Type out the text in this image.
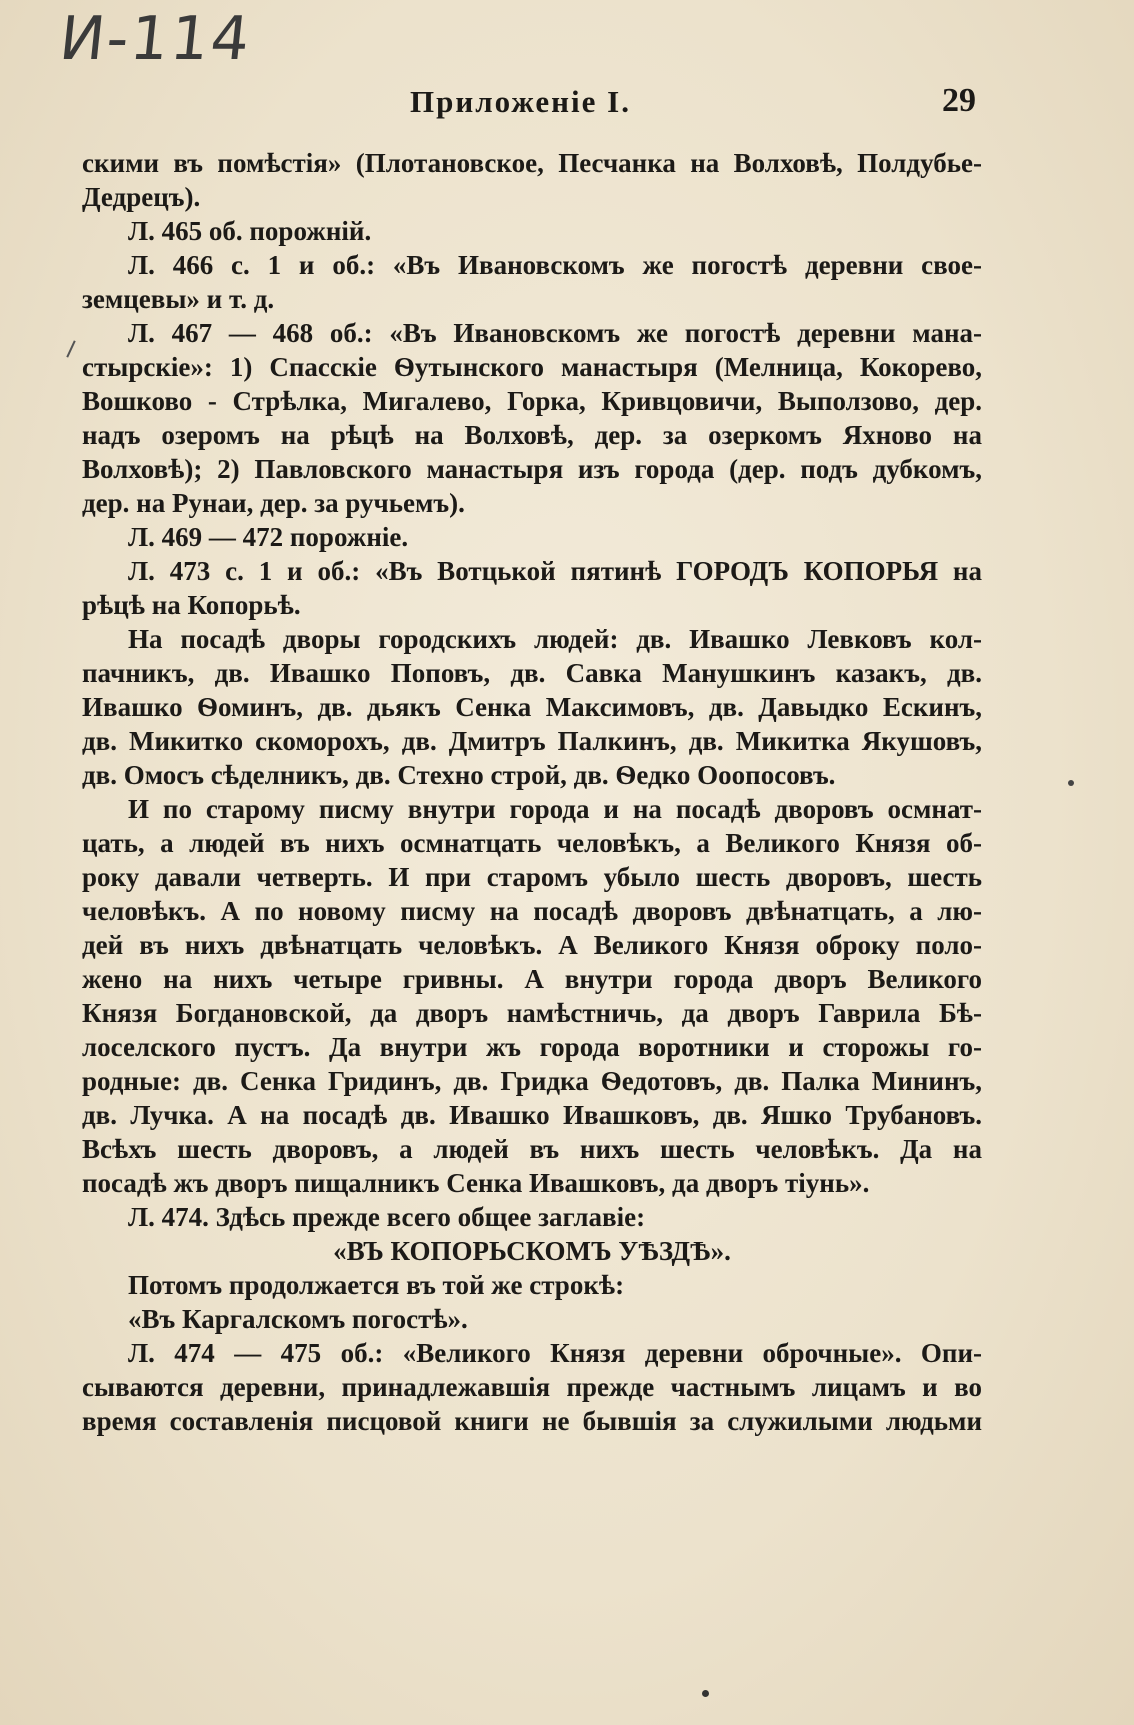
И-114
Приложеніе I.	29
скими въ помѣстія» (Плотановское, Песчанка на Волховѣ, Полдубье-
Дедрецъ).
Л. 465 об. порожній.
Л. 466 с. 1 и об.: «Въ Ивановскомъ же погостѣ деревни свое-
земцевы» и т. д.
Л. 467 — 468 об.: «Въ Ивановскомъ же погостѣ деревни мана-
стырскіе»: 1) Спасскіе Ѳутынского манастыря (Мелница, Кокорево,
Вошково - Стрѣлка, Мигалево, Горка, Кривцовичи, Выползово, дер.
надъ озеромъ на рѣцѣ на Волховѣ, дер. за озеркомъ Яхново на
Волховѣ); 2) Павловского манастыря изъ города (дер. подъ дубкомъ,
дер. на Рунаи, дер. за ручьемъ).
Л. 469 — 472 порожніе.
Л. 473 с. 1 и об.: «Въ Вотцькой пятинѣ ГОРОДЪ КОПОРЬЯ на
рѣцѣ на Копорьѣ.
На посадѣ дворы городскихъ людей: дв. Ивашко Левковъ кол-
пачникъ, дв. Ивашко Поповъ, дв. Савка Манушкинъ казакъ, дв.
Ивашко Ѳоминъ, дв. дьякъ Сенка Максимовъ, дв. Давыдко Ескинъ,
дв. Микитко скоморохъ, дв. Дмитръ Палкинъ, дв. Микитка Якушовъ,
дв. Омосъ сѣделникъ, дв. Стехно строй, дв. Ѳедко Ооопосовъ.
И по старому писму внутри города и на посадѣ дворовъ осмнат-
цать, а людей въ нихъ осмнатцать человѣкъ, а Великого Князя об-
року давали четверть. И при старомъ убыло шесть дворовъ, шесть
человѣкъ. А по новому писму на посадѣ дворовъ двѣнатцать, а лю-
дей въ нихъ двѣнатцать человѣкъ. А Великого Князя оброку поло-
жено на нихъ четыре гривны. А внутри города дворъ Великого
Князя Богдановской, да дворъ намѣстничь, да дворъ Гаврила Бѣ-
лоселского пустъ. Да внутри жъ города воротники и сторожы го-
родные: дв. Сенка Гридинъ, дв. Гридка Ѳедотовъ, дв. Палка Мининъ,
дв. Лучка. А на посадѣ дв. Ивашко Ивашковъ, дв. Яшко Трубановъ.
Всѣхъ шесть дворовъ, а людей въ нихъ шесть человѣкъ. Да на
посадѣ жъ дворъ пищалникъ Сенка Ивашковъ, да дворъ тіунь».
Л. 474. Здѣсь прежде всего общее заглавіе:
«ВЪ КОПОРЬСКОМЪ УѢЗДѢ».
Потомъ продолжается въ той же строкѣ:
«Въ Каргалскомъ погостѣ».
Л. 474 — 475 об.: «Великого Князя деревни оброчные». Опи-
сываются деревни, принадлежавшія прежде частнымъ лицамъ и во
время составленія писцовой книги не бывшія за служилыми людьми
